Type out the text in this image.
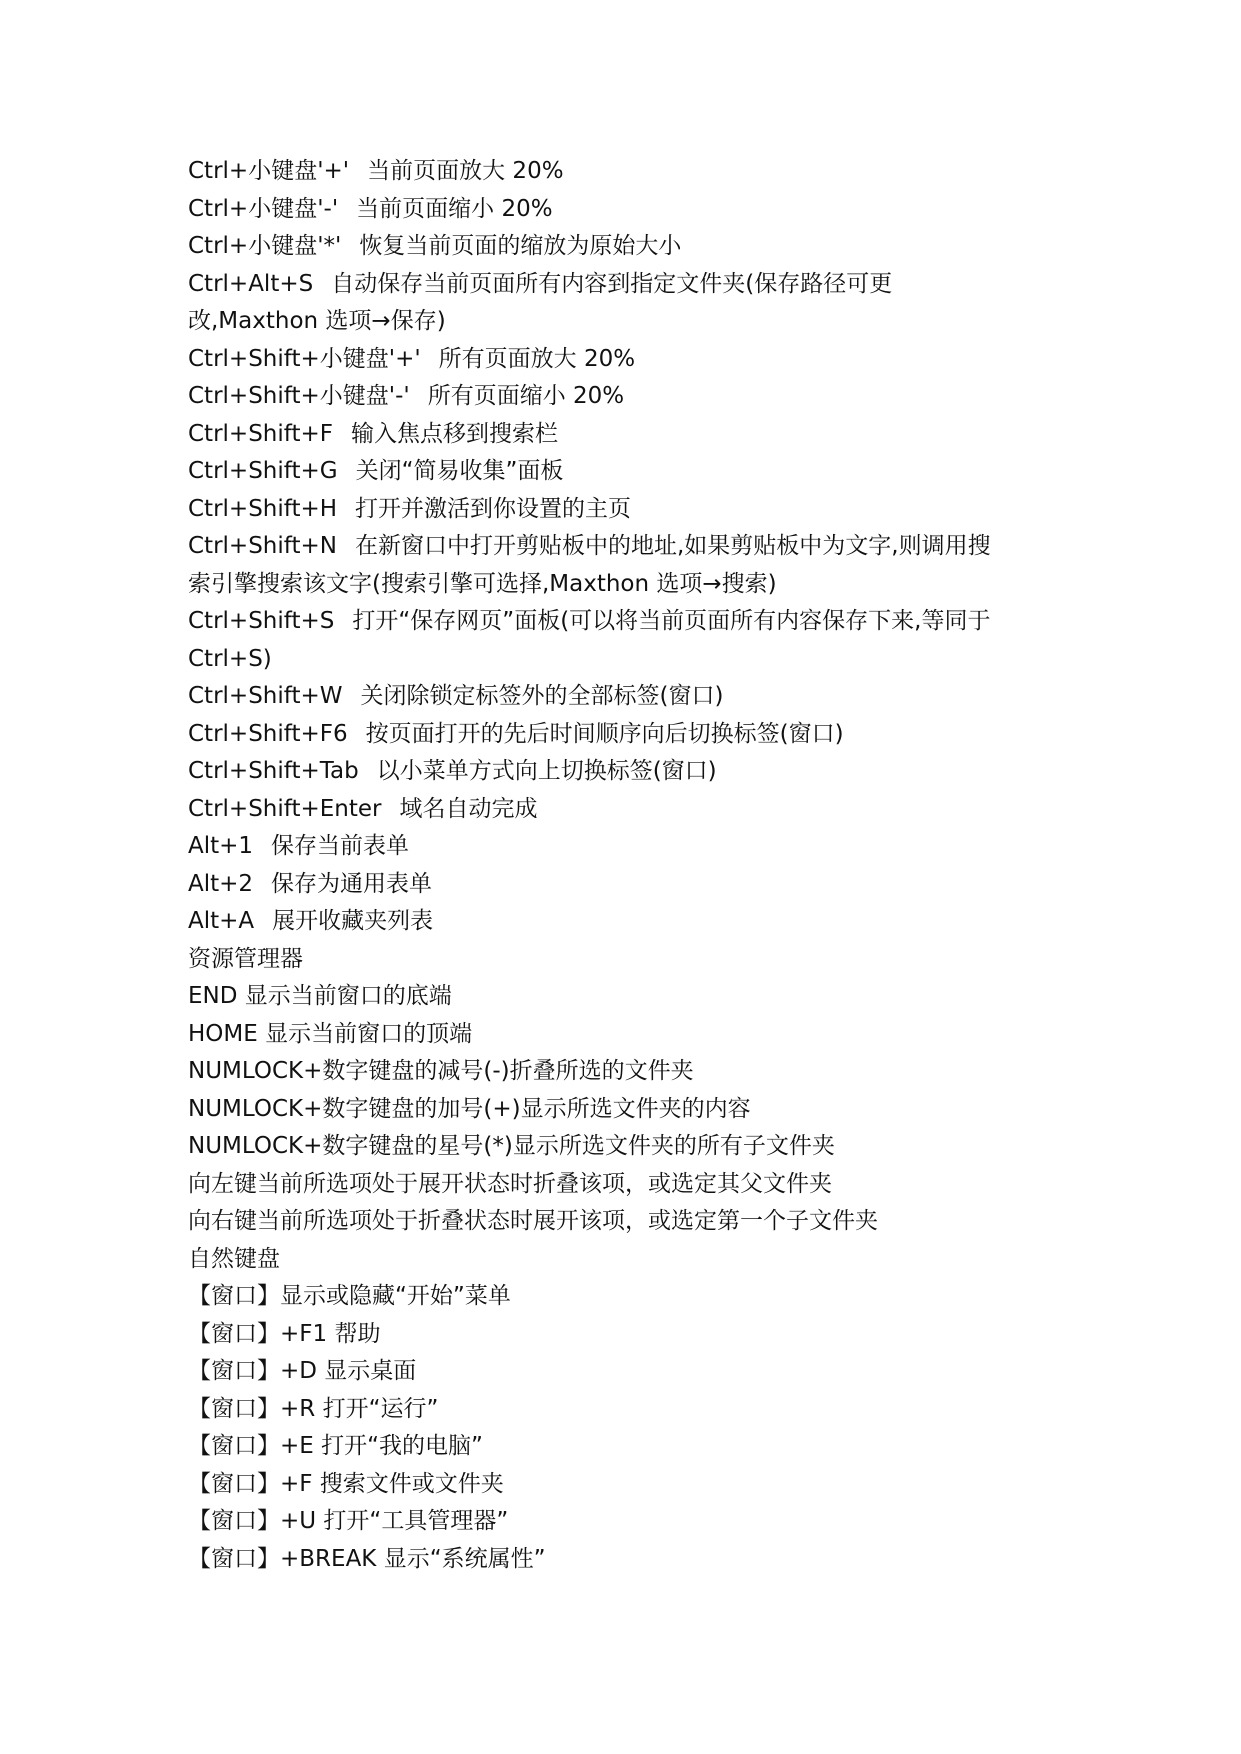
Ctrl+小键盘'+' 当前页面放大 20%
Ctrl+小键盘'-' 当前页面缩小 20%
Ctrl+小键盘'*' 恢复当前页面的缩放为原始大小
Ctrl+Alt+S 自动保存当前页面所有内容到指定文件夹(保存路径可更
改,Maxthon 选项→保存)
Ctrl+Shift+小键盘'+' 所有页面放大 20%
Ctrl+Shift+小键盘'-' 所有页面缩小 20%
Ctrl+Shift+F 输入焦点移到搜索栏
Ctrl+Shift+G 关闭“简易收集”面板
Ctrl+Shift+H 打开并激活到你设置的主页
Ctrl+Shift+N 在新窗口中打开剪贴板中的地址,如果剪贴板中为文字,则调用搜
索引擎搜索该文字(搜索引擎可选择,Maxthon 选项→搜索)
Ctrl+Shift+S 打开“保存网页”面板(可以将当前页面所有内容保存下来,等同于
Ctrl+S)
Ctrl+Shift+W 关闭除锁定标签外的全部标签(窗口)
Ctrl+Shift+F6 按页面打开的先后时间顺序向后切换标签(窗口)
Ctrl+Shift+Tab 以小菜单方式向上切换标签(窗口)
Ctrl+Shift+Enter 域名自动完成
Alt+1 保存当前表单
Alt+2 保存为通用表单
Alt+A 展开收藏夹列表
资源管理器
END 显示当前窗口的底端
HOME 显示当前窗口的顶端
NUMLOCK+数字键盘的减号(-)折叠所选的文件夹
NUMLOCK+数字键盘的加号(+)显示所选文件夹的内容
NUMLOCK+数字键盘的星号(*)显示所选文件夹的所有子文件夹
向左键当前所选项处于展开状态时折叠该项，或选定其父文件夹
向右键当前所选项处于折叠状态时展开该项，或选定第一个子文件夹
自然键盘
【窗口】显示或隐藏“开始”菜单
【窗口】+F1 帮助
【窗口】+D 显示桌面
【窗口】+R 打开“运行”
【窗口】+E 打开“我的电脑”
【窗口】+F 搜索文件或文件夹
【窗口】+U 打开“工具管理器”
【窗口】+BREAK 显示“系统属性”
